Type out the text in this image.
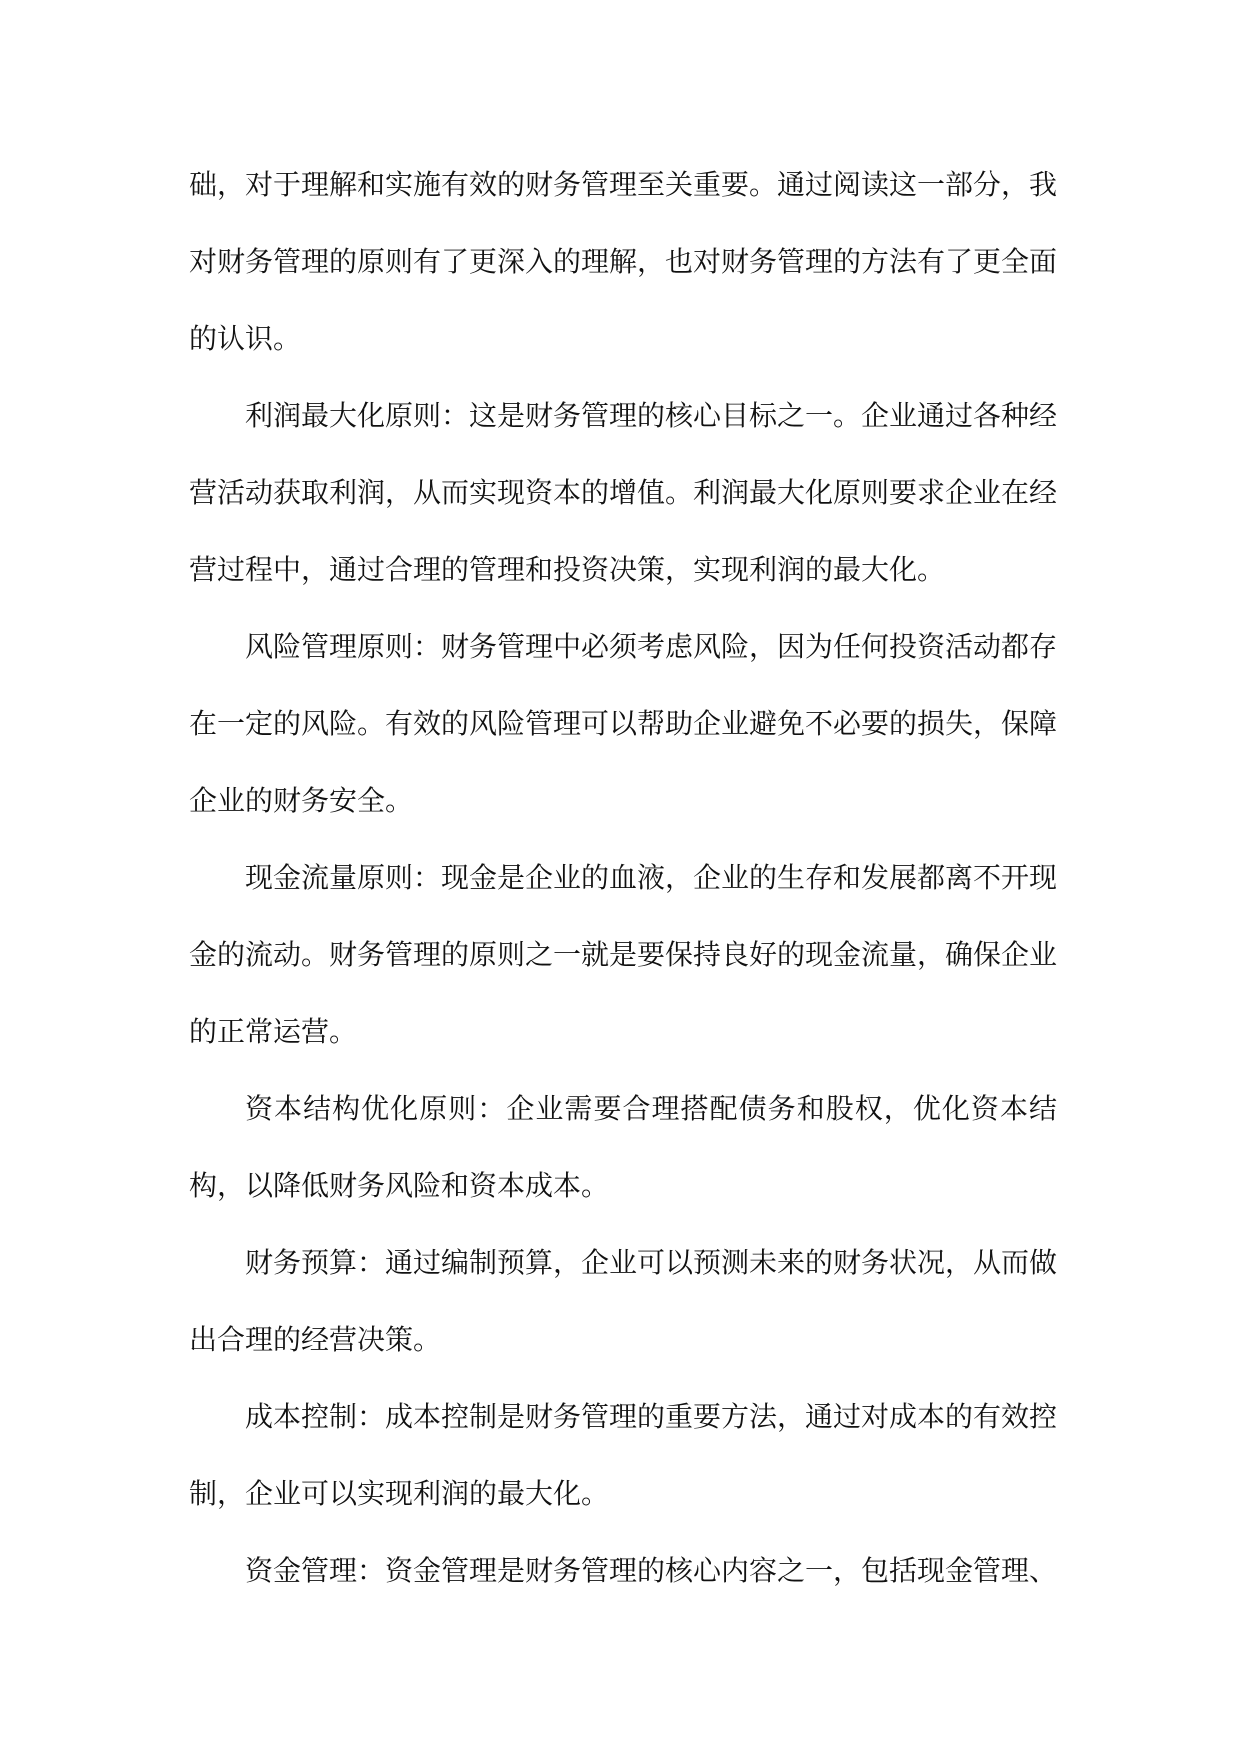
础，对于理解和实施有效的财务管理至关重要。通过阅读这一部分，我对财务管理的原则有了更深入的理解，也对财务管理的方法有了更全面的认识。

利润最大化原则：这是财务管理的核心目标之一。企业通过各种经营活动获取利润，从而实现资本的增值。利润最大化原则要求企业在经营过程中，通过合理的管理和投资决策，实现利润的最大化。

风险管理原则：财务管理中必须考虑风险，因为任何投资活动都存在一定的风险。有效的风险管理可以帮助企业避免不必要的损失，保障企业的财务安全。

现金流量原则：现金是企业的血液，企业的生存和发展都离不开现金的流动。财务管理的原则之一就是要保持良好的现金流量，确保企业的正常运营。

资本结构优化原则：企业需要合理搭配债务和股权，优化资本结构，以降低财务风险和资本成本。

财务预算：通过编制预算，企业可以预测未来的财务状况，从而做出合理的经营决策。

成本控制：成本控制是财务管理的重要方法，通过对成本的有效控制，企业可以实现利润的最大化。

资金管理：资金管理是财务管理的核心内容之一，包括现金管理、
